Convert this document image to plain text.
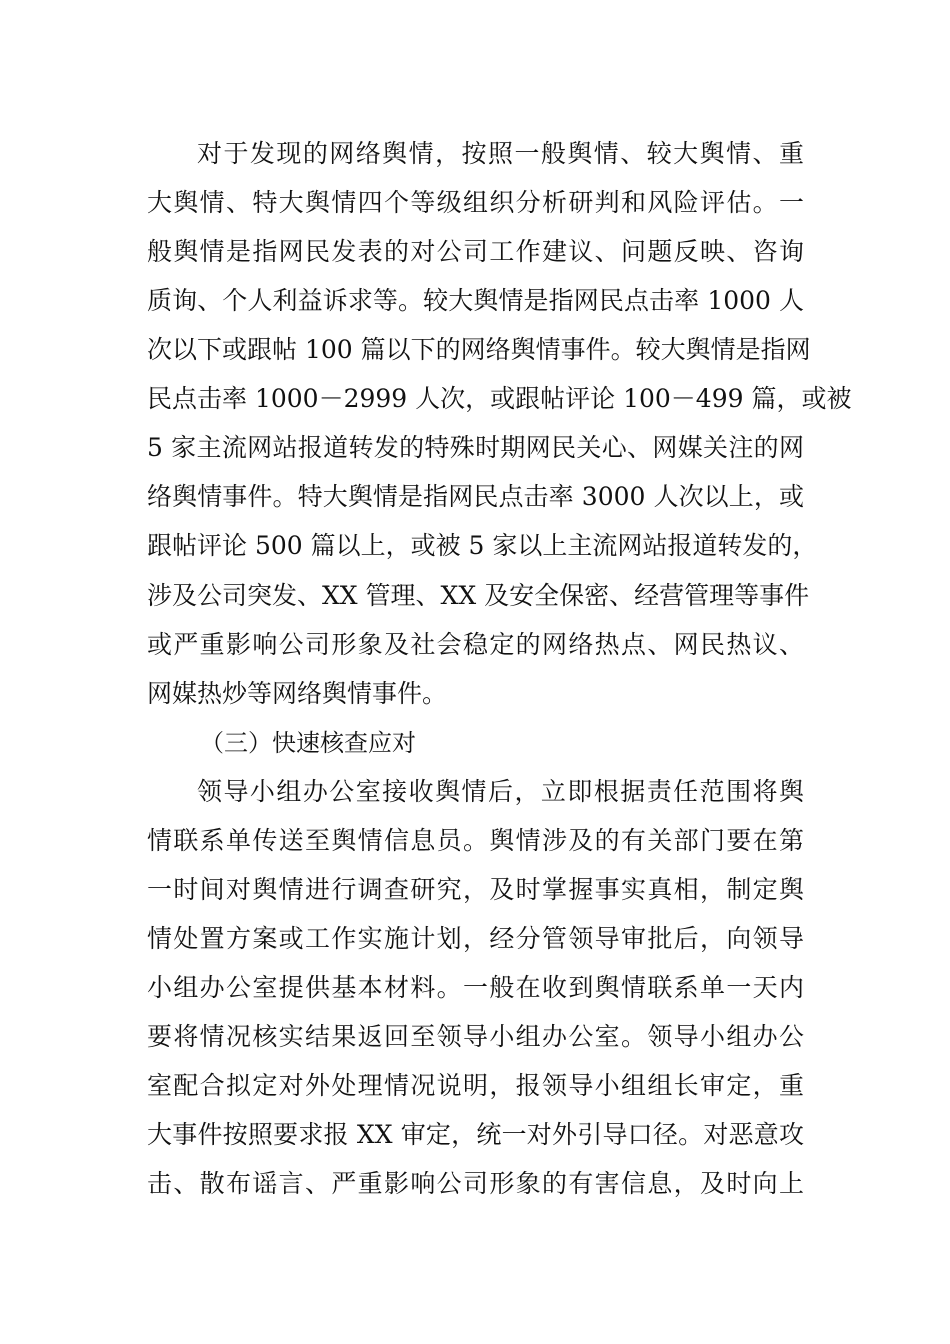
对于发现的网络舆情，按照一般舆情、较大舆情、重
大舆情、特大舆情四个等级组织分析研判和风险评估。一
般舆情是指网民发表的对公司工作建议、问题反映、咨询
质询、个人利益诉求等。较大舆情是指网民点击率 1000 人
次以下或跟帖 100 篇以下的网络舆情事件。较大舆情是指网
民点击率 1000－2999 人次，或跟帖评论 100－499 篇，或被
5 家主流网站报道转发的特殊时期网民关心、网媒关注的网
络舆情事件。特大舆情是指网民点击率 3000 人次以上，或
跟帖评论 500 篇以上，或被 5 家以上主流网站报道转发的，
涉及公司突发、XX 管理、XX 及安全保密、经营管理等事件
或严重影响公司形象及社会稳定的网络热点、网民热议、
网媒热炒等网络舆情事件。
（三）快速核查应对
领导小组办公室接收舆情后，立即根据责任范围将舆
情联系单传送至舆情信息员。舆情涉及的有关部门要在第
一时间对舆情进行调查研究，及时掌握事实真相，制定舆
情处置方案或工作实施计划，经分管领导审批后，向领导
小组办公室提供基本材料。一般在收到舆情联系单一天内
要将情况核实结果返回至领导小组办公室。领导小组办公
室配合拟定对外处理情况说明，报领导小组组长审定，重
大事件按照要求报 XX 审定，统一对外引导口径。对恶意攻
击、散布谣言、严重影响公司形象的有害信息，及时向上
